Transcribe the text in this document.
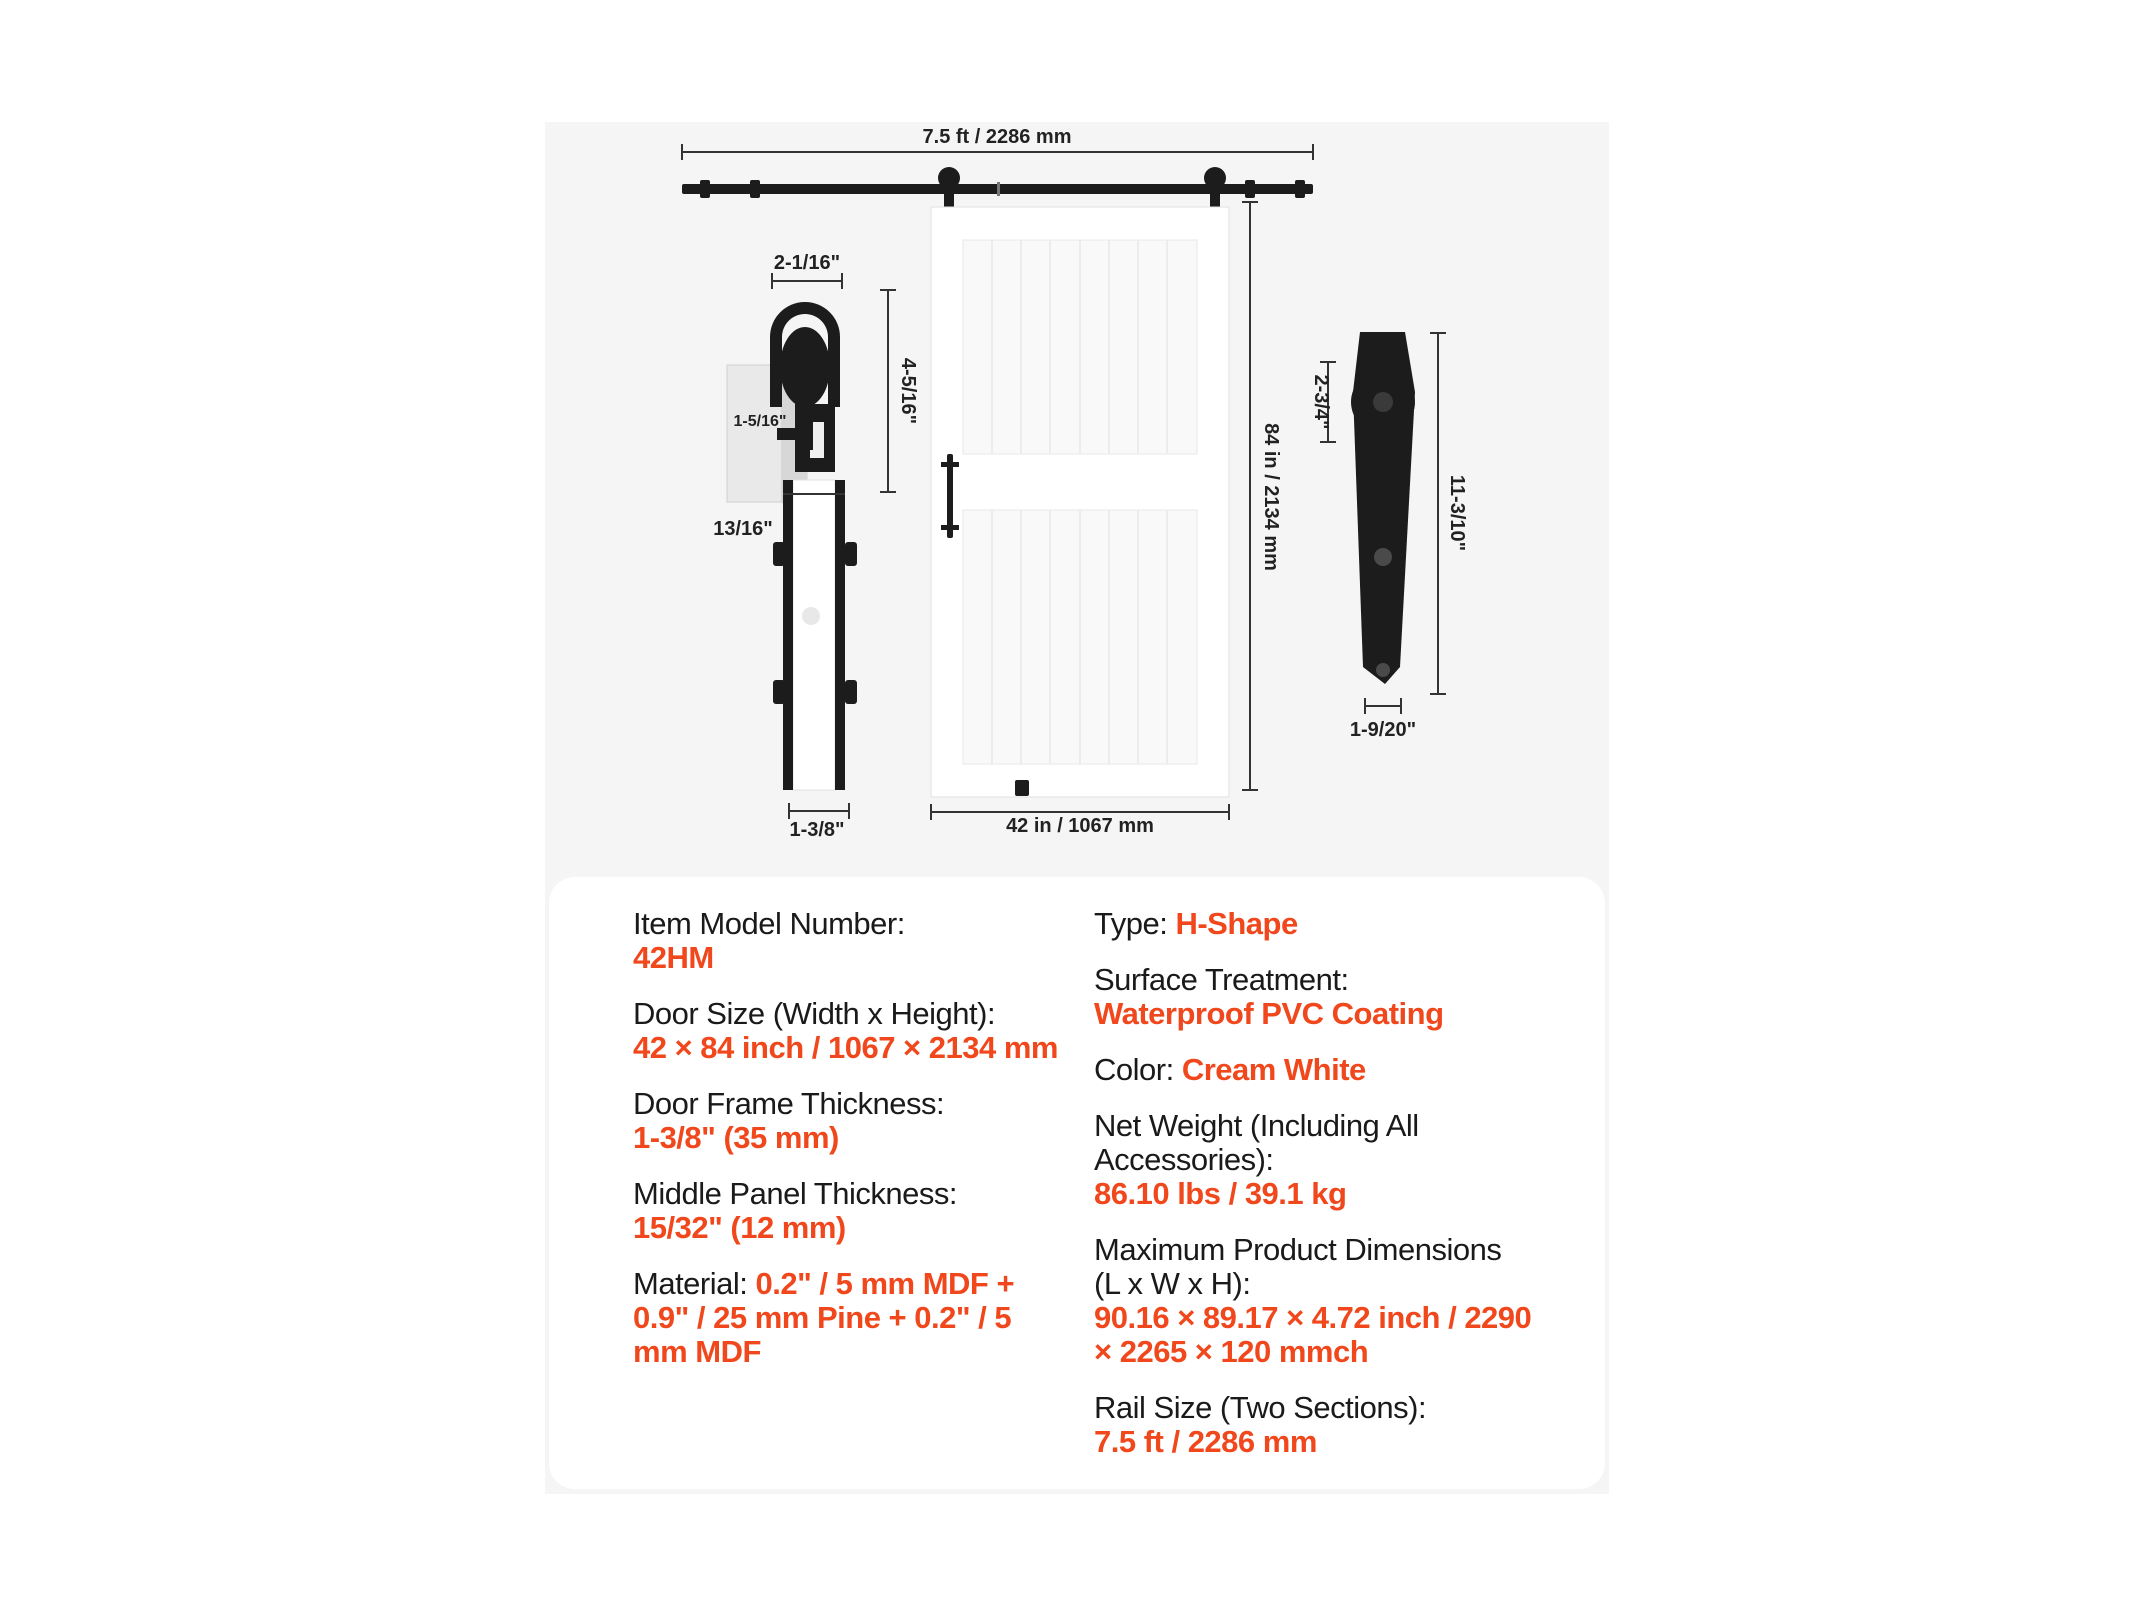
7.5 ft / 2286 mm
84 in / 2134 mm
42 in / 1067 mm
2-1/16"
4-5/16"
1-5/16"
13/16"
1-3/8"
2-3/4"
11-3/10"
1-9/20"
Item Model Number:
42HM
Door Size (Width x Height):
42 × 84 inch / 1067 × 2134 mm
Door Frame Thickness:
1-3/8" (35 mm)
Middle Panel Thickness: 15/32" (12 mm)
Material: 0.2" / 5 mm MDF + 0.9" / 25 mm Pine + 0.2" / 5 mm MDF
Type: H-Shape
Surface Treatment:
Waterproof PVC Coating
Color: Cream White
Net Weight (Including All Accessories):
86.10 lbs / 39.1 kg
Maximum Product Dimensions (L x W x H):
90.16 × 89.17 × 4.72 inch / 2290 × 2265 × 120 mmch
Rail Size (Two Sections):
7.5 ft / 2286 mm
